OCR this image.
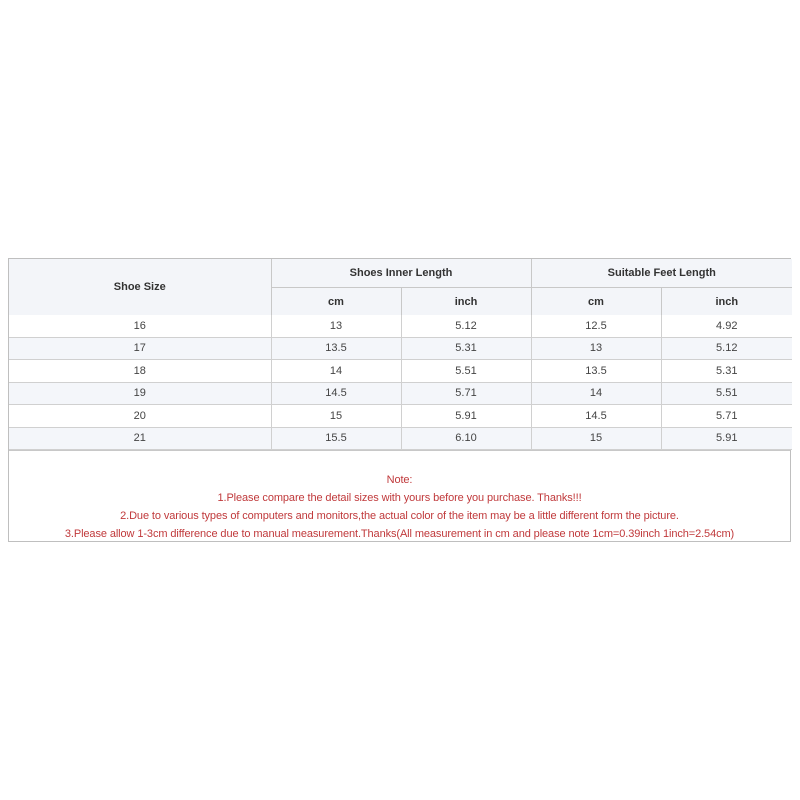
Shoe Size	Shoes Inner Length		Suitable Feet Length	
	cm	inch	cm	inch
16	13	5.12	12.5	4.92
17	13.5	5.31	13	5.12
18	14	5.51	13.5	5.31
19	14.5	5.71	14	5.51
20	15	5.91	14.5	5.71
21	15.5	6.10	15	5.91
Note:
1.Please compare the detail sizes with yours before you purchase. Thanks!!!
2.Due to various types of computers and monitors,the actual color of the item may be a little different form the picture.
3.Please allow 1-3cm difference due to manual measurement.Thanks(All measurement in cm and please note 1cm=0.39inch 1inch=2.54cm)
